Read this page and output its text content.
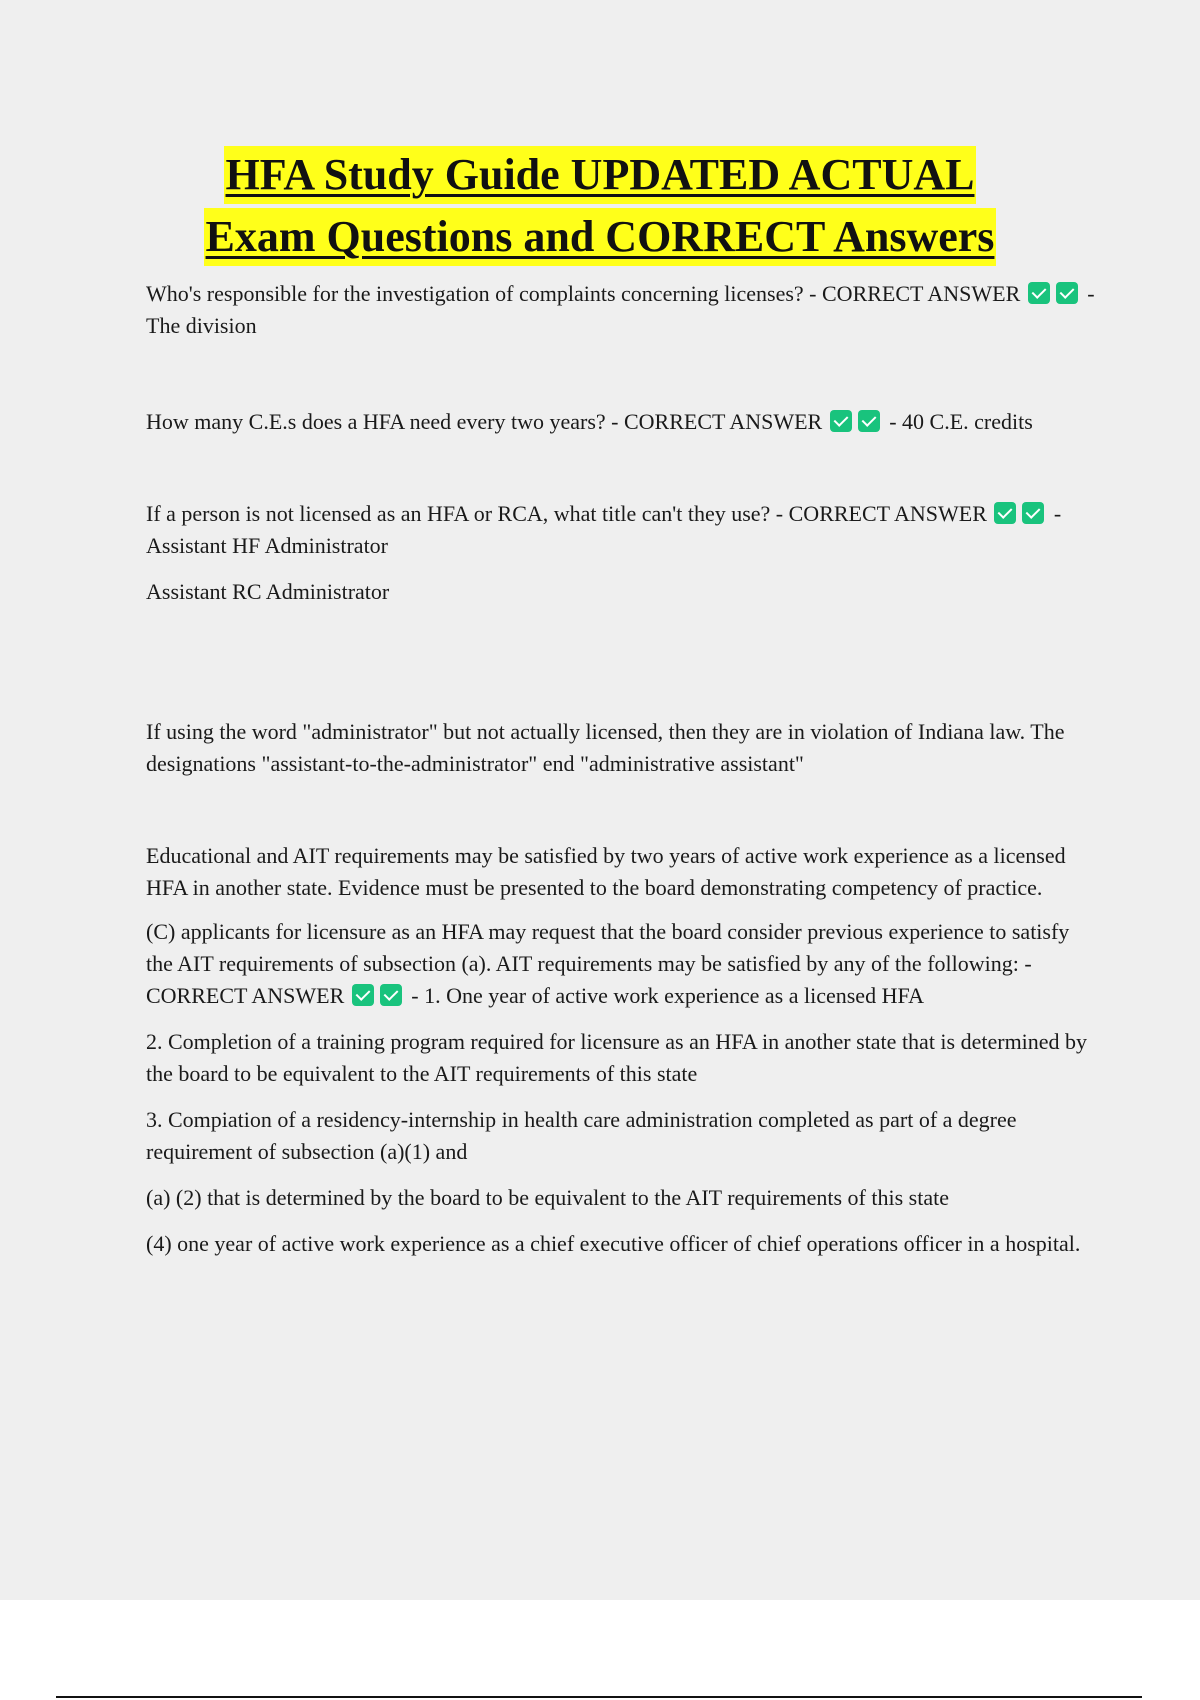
HFA Study Guide UPDATED ACTUAL
Exam Questions and CORRECT Answers

Who's responsible for the investigation of complaints concerning licenses? - CORRECT ANSWER	- The division

How many C.E.s does a HFA need every two years? - CORRECT ANSWER	- 40 C.E. credits

If a person is not licensed as an HFA or RCA, what title can't they use? - CORRECT ANSWER	- Assistant HF Administrator

Assistant RC Administrator

If using the word "administrator" but not actually licensed, then they are in violation of Indiana law. The designations "assistant-to-the-administrator" end "administrative assistant"

Educational and AIT requirements may be satisfied by two years of active work experience as a licensed HFA in another state. Evidence must be presented to the board demonstrating competency of practice.

(C) applicants for licensure as an HFA may request that the board consider previous experience to satisfy the AIT requirements of subsection (a). AIT requirements may be satisfied by any of the following: - CORRECT ANSWER	- 1. One year of active work experience as a licensed HFA

2. Completion of a training program required for licensure as an HFA in another state that is determined by the board to be equivalent to the AIT requirements of this state

3. Compiation of a residency-internship in health care administration completed as part of a degree requirement of subsection (a)(1) and

(a) (2) that is determined by the board to be equivalent to the AIT requirements of this state

(4) one year of active work experience as a chief executive officer of chief operations officer in a hospital.
